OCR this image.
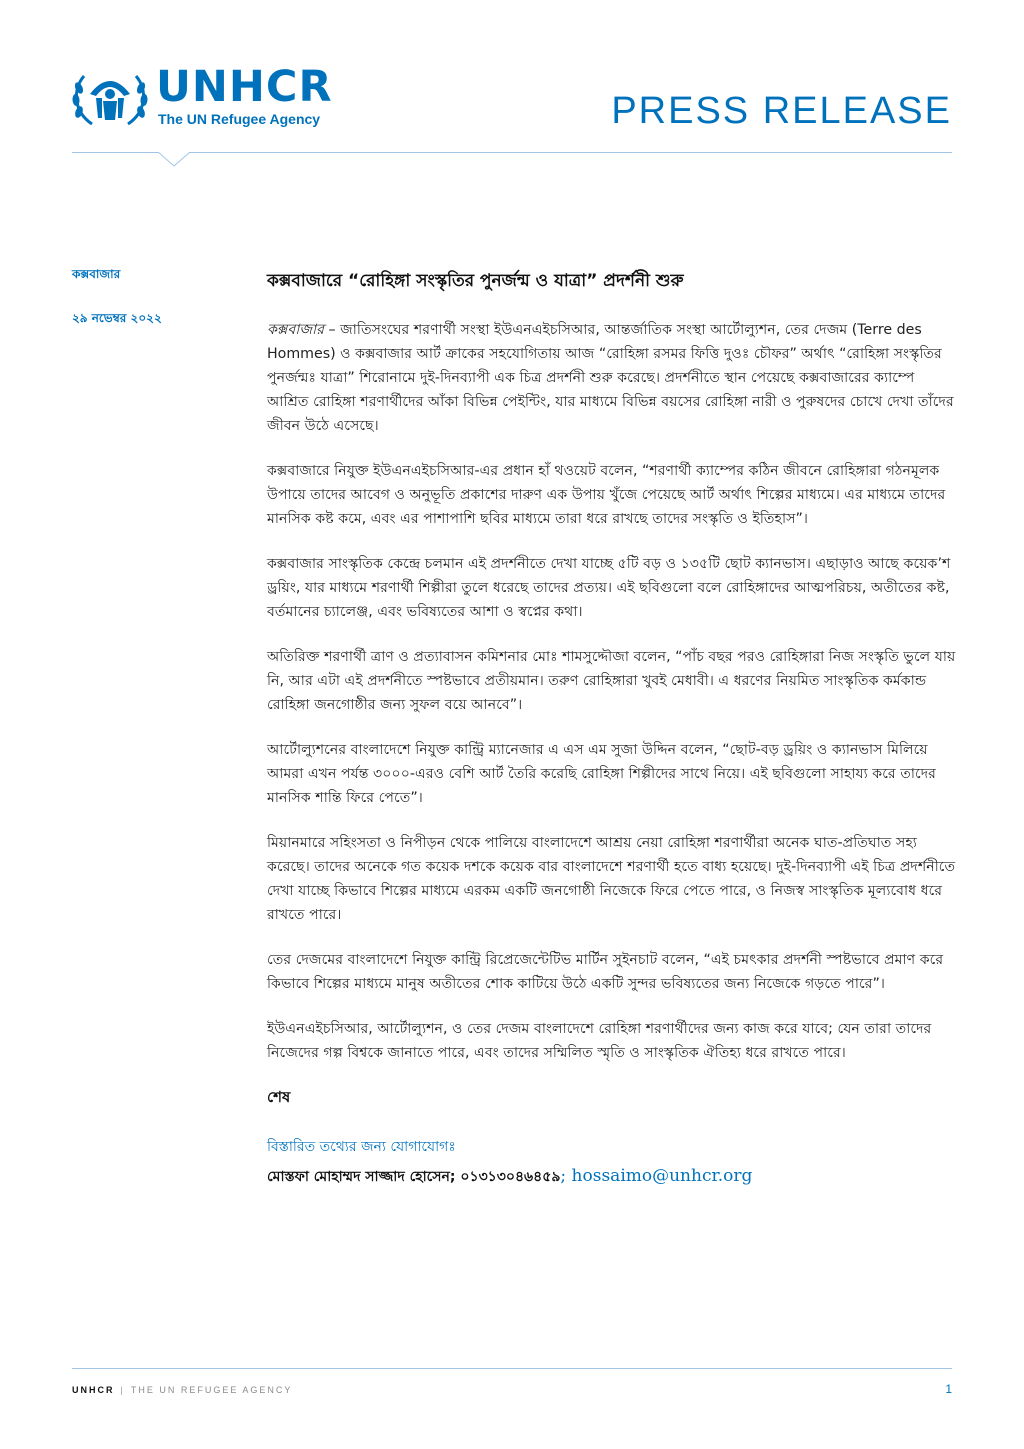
UNHCR
The UN Refugee Agency	PRESS RELEASE
কক্সবাজার
২৯ নভেম্বর ২০২২
কক্সবাজারে “রোহিঙ্গা সংস্কৃতির পুনর্জন্ম ও যাত্রা” প্রদর্শনী শুরু

কক্সবাজার – জাতিসংঘের শরণার্থী সংস্থা ইউএনএইচসিআর, আন্তর্জাতিক সংস্থা আর্টোল্যুশন, তের দেজম (Terre des Hommes) ও কক্সবাজার আর্ট ক্রাকের সহযোগিতায় আজ “রোহিঙ্গা রসমর ফিত্তি দুওঃ চৌফর” অর্থাৎ “রোহিঙ্গা সংস্কৃতির পুনর্জন্মঃ যাত্রা” শিরোনামে দুই-দিনব্যাপী এক চিত্র প্রদর্শনী শুরু করেছে। প্রদর্শনীতে স্থান পেয়েছে কক্সবাজারের ক্যাম্পে আশ্রিত রোহিঙ্গা শরণার্থীদের আঁকা বিভিন্ন পেইন্টিং, যার মাধ্যমে বিভিন্ন বয়সের রোহিঙ্গা নারী ও পুরুষদের চোখে দেখা তাঁদের জীবন উঠে এসেছে।

কক্সবাজারে নিযুক্ত ইউএনএইচসিআর-এর প্রধান হাঁ থওয়েট বলেন, “শরণার্থী ক্যাম্পের কঠিন জীবনে রোহিঙ্গারা গঠনমূলক উপায়ে তাদের আবেগ ও অনুভূতি প্রকাশের দারুণ এক উপায় খুঁজে পেয়েছে আর্ট অর্থাৎ শিল্পের মাধ্যমে। এর মাধ্যমে তাদের মানসিক কষ্ট কমে, এবং এর পাশাপাশি ছবির মাধ্যমে তারা ধরে রাখছে তাদের সংস্কৃতি ও ইতিহাস”।

কক্সবাজার সাংস্কৃতিক কেন্দ্রে চলমান এই প্রদর্শনীতে দেখা যাচ্ছে ৫টি বড় ও ১৩৫টি ছোট ক্যানভাস। এছাড়াও আছে কয়েক’শ ড্রয়িং, যার মাধ্যমে শরণার্থী শিল্পীরা তুলে ধরেছে তাদের প্রত্যয়। এই ছবিগুলো বলে রোহিঙ্গাদের আত্মপরিচয়, অতীতের কষ্ট, বর্তমানের চ্যালেঞ্জ, এবং ভবিষ্যতের আশা ও স্বপ্নের কথা।

অতিরিক্ত শরণার্থী ত্রাণ ও প্রত্যাবাসন কমিশনার মোঃ শামসুদ্দৌজা বলেন, “পাঁচ বছর পরও রোহিঙ্গারা নিজ সংস্কৃতি ভুলে যায় নি, আর এটা এই প্রদর্শনীতে স্পষ্টভাবে প্রতীয়মান। তরুণ রোহিঙ্গারা খুবই মেধাবী। এ ধরণের নিয়মিত সাংস্কৃতিক কর্মকান্ড রোহিঙ্গা জনগোষ্ঠীর জন্য সুফল বয়ে আনবে”।

আর্টোল্যুশনের বাংলাদেশে নিযুক্ত কান্ট্রি ম্যানেজার এ এস এম সুজা উদ্দিন বলেন, “ছোট-বড় ড্রয়িং ও ক্যানভাস মিলিয়ে আমরা এখন পর্যন্ত ৩০০০-এরও বেশি আর্ট তৈরি করেছি রোহিঙ্গা শিল্পীদের সাথে নিয়ে। এই ছবিগুলো সাহায্য করে তাদের মানসিক শান্তি ফিরে পেতে”।

মিয়ানমারে সহিংসতা ও নিপীড়ন থেকে পালিয়ে বাংলাদেশে আশ্রয় নেয়া রোহিঙ্গা শরণার্থীরা অনেক ঘাত-প্রতিঘাত সহ্য করেছে। তাদের অনেকে গত কয়েক দশকে কয়েক বার বাংলাদেশে শরণার্থী হতে বাধ্য হয়েছে। দুই-দিনব্যাপী এই চিত্র প্রদর্শনীতে দেখা যাচ্ছে কিভাবে শিল্পের মাধ্যমে এরকম একটি জনগোষ্ঠী নিজেকে ফিরে পেতে পারে, ও নিজস্ব সাংস্কৃতিক মূল্যবোধ ধরে রাখতে পারে।

তের দেজমের বাংলাদেশে নিযুক্ত কান্ট্রি রিপ্রেজেন্টেটিভ মার্টিন সুইনচাট বলেন, “এই চমৎকার প্রদর্শনী স্পষ্টভাবে প্রমাণ করে কিভাবে শিল্পের মাধ্যমে মানুষ অতীতের শোক কাটিয়ে উঠে একটি সুন্দর ভবিষ্যতের জন্য নিজেকে গড়তে পারে”।

ইউএনএইচসিআর, আর্টোল্যুশন, ও তের দেজম বাংলাদেশে রোহিঙ্গা শরণার্থীদের জন্য কাজ করে যাবে; যেন তারা তাদের নিজেদের গল্প বিশ্বকে জানাতে পারে, এবং তাদের সম্মিলিত স্মৃতি ও সাংস্কৃতিক ঐতিহ্য ধরে রাখতে পারে।

শেষ
বিস্তারিত তথ্যের জন্য যোগাযোগঃ
মোস্তফা মোহাম্মদ সাজ্জাদ হোসেন; ০১৩১৩০৪৬৪৫৯; hossaimo@unhcr.org
UNHCR | THE UN REFUGEE AGENCY	1
